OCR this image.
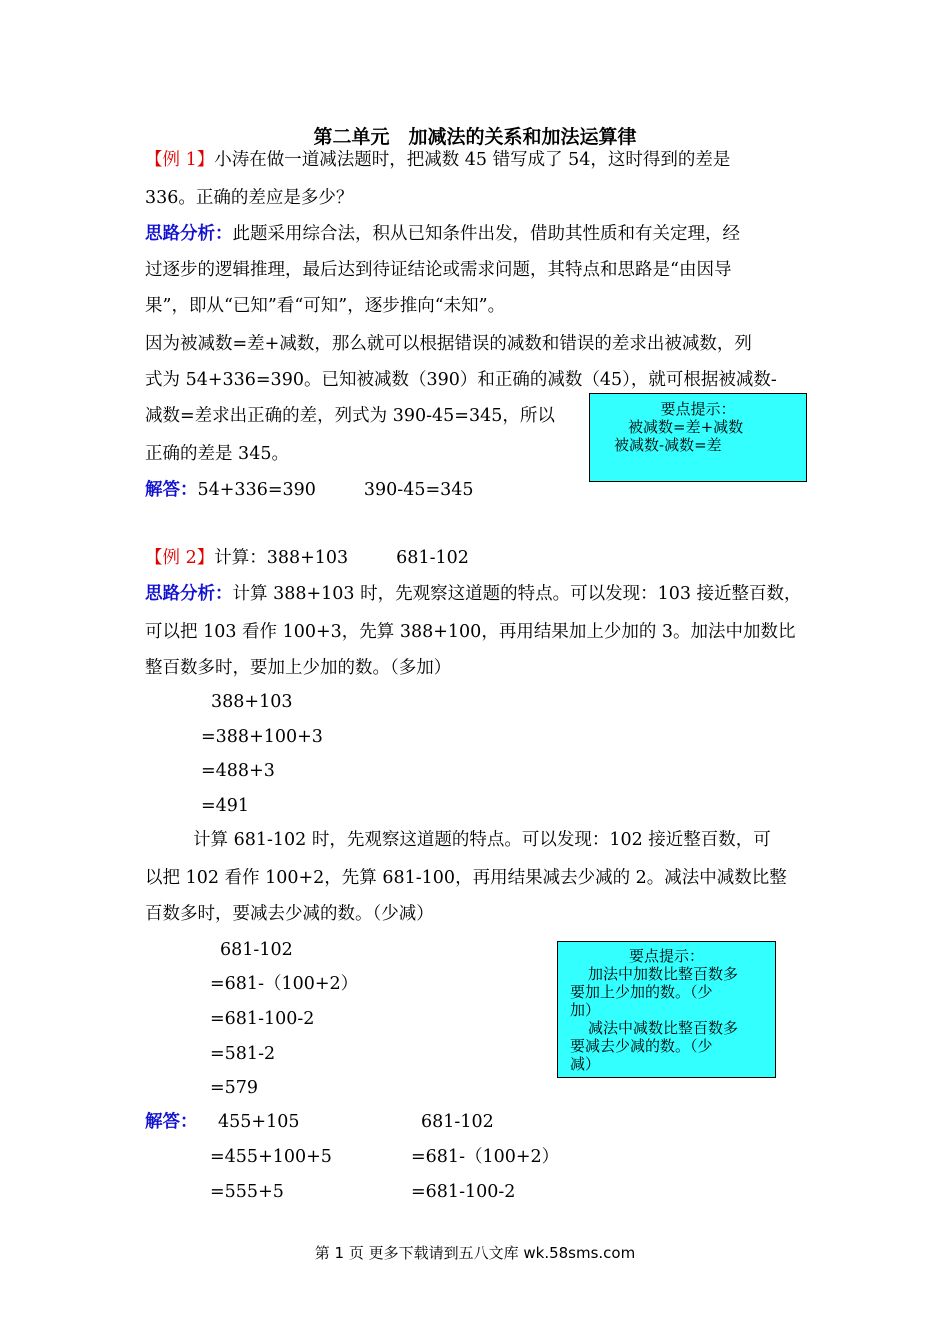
第二单元　加减法的关系和加法运算律
【例 1】小涛在做一道减法题时，把减数 45 错写成了 54，这时得到的差是
336。正确的差应是多少？
思路分析：此题采用综合法，积从已知条件出发，借助其性质和有关定理，经
过逐步的逻辑推理，最后达到待证结论或需求问题，其特点和思路是“由因导
果”，即从“已知”看“可知”，逐步推向“未知”。
因为被减数=差+减数，那么就可以根据错误的减数和错误的差求出被减数，列
式为 54+336=390。已知被减数（390）和正确的减数（45），就可根据被减数-
减数=差求出正确的差，列式为 390-45=345，所以
正确的差是 345。
解答：54+336=390	390-45=345
要点提示：
被减数=差+减数
被减数-减数=差
【例 2】计算：388+103	681-102
思路分析：计算 388+103 时，先观察这道题的特点。可以发现：103 接近整百数，
可以把 103 看作 100+3，先算 388+100，再用结果加上少加的 3。加法中加数比
整百数多时，要加上少加的数。（多加）
388+103
=388+100+3
=488+3
=491
计算 681-102 时，先观察这道题的特点。可以发现：102 接近整百数，可
以把 102 看作 100+2，先算 681-100，再用结果减去少减的 2。减法中减数比整
百数多时，要减去少减的数。（少减）
681-102
=681-（100+2）
=681-100-2
=581-2
=579
要点提示：
加法中加数比整百数多
要加上少加的数。（少
加）
减法中减数比整百数多
要减去少减的数。（少
减）
解答： 455+105
=455+100+5
=555+5
681-102
=681-（100+2）
=681-100-2
第 1 页 更多下载请到五八文库 wk.58sms.com
